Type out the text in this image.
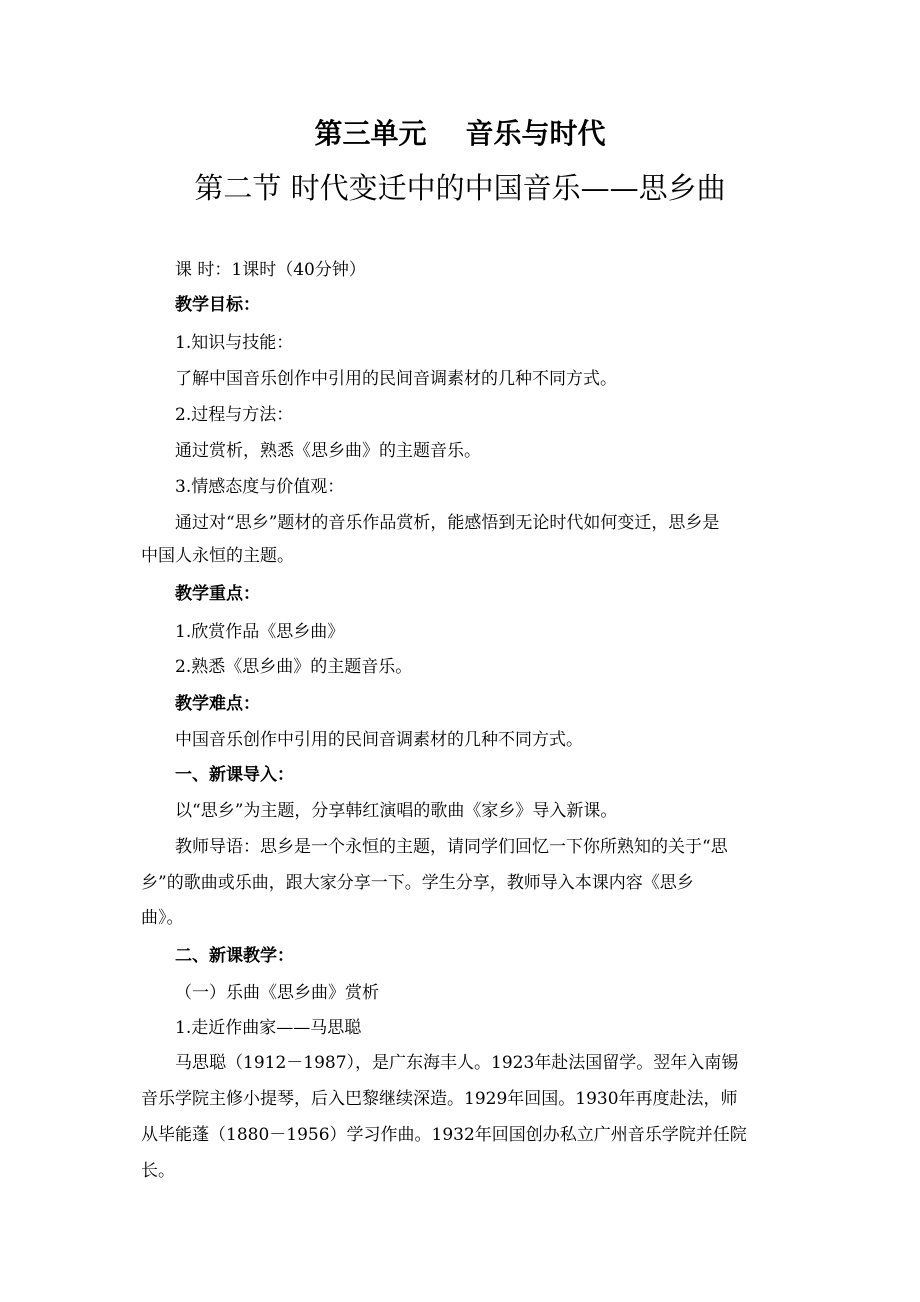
第三单元    音乐与时代
第二节 时代变迁中的中国音乐——思乡曲
课 时：1课时（40分钟）
教学目标：
1.知识与技能：
了解中国音乐创作中引用的民间音调素材的几种不同方式。
2.过程与方法：
通过赏析，熟悉《思乡曲》的主题音乐。
3.情感态度与价值观：
通过对“思乡”题材的音乐作品赏析，能感悟到无论时代如何变迁，思乡是
中国人永恒的主题。
教学重点：
1.欣赏作品《思乡曲》
2.熟悉《思乡曲》的主题音乐。
教学难点：
中国音乐创作中引用的民间音调素材的几种不同方式。
一、新课导入：
以“思乡”为主题，分享韩红演唱的歌曲《家乡》导入新课。
教师导语：思乡是一个永恒的主题，请同学们回忆一下你所熟知的关于“思
乡”的歌曲或乐曲，跟大家分享一下。学生分享，教师导入本课内容《思乡
曲》。
二、新课教学：
（一）乐曲《思乡曲》赏析
1.走近作曲家——马思聪
马思聪（1912－1987），是广东海丰人。1923年赴法国留学。翌年入南锡
音乐学院主修小提琴，后入巴黎继续深造。1929年回国。1930年再度赴法，师
从毕能蓬（1880－1956）学习作曲。1932年回国创办私立广州音乐学院并任院
长。
